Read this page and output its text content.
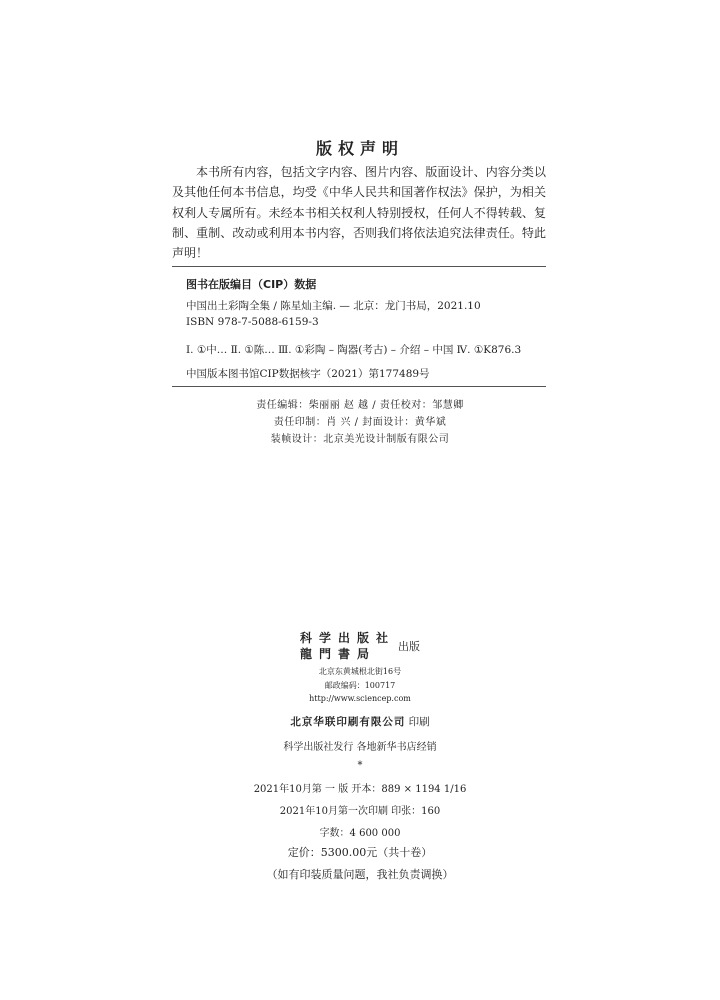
版权声明
本书所有内容，包括文字内容、图片内容、版面设计、内容分类以及其他任何本书信息，均受《中华人民共和国著作权法》保护，为相关权利人专属所有。未经本书相关权利人特别授权，任何人不得转载、复制、重制、改动或利用本书内容，否则我们将依法追究法律责任。特此声明！
图书在版编目（CIP）数据
中国出土彩陶全集 / 陈星灿主编. — 北京：龙门书局，2021.10
ISBN 978-7-5088-6159-3
Ⅰ. ①中… Ⅱ. ①陈… Ⅲ. ①彩陶 – 陶器(考古) – 介绍 – 中国 Ⅳ. ①K876.3
中国版本图书馆CIP数据核字（2021）第177489号
责任编辑：柴丽丽 赵 越 / 责任校对：邹慧卿
责任印制：肖 兴 / 封面设计：黄华斌
装帧设计：北京美光设计制版有限公司
科学出版社
龍門書局
出版
北京东黄城根北街16号
邮政编码：100717
http://www.sciencep.com
北京华联印刷有限公司 印刷
科学出版社发行 各地新华书店经销
*
2021年10月第 一 版 开本：889 × 1194 1/16
2021年10月第一次印刷 印张：160
字数：4 600 000
定价：5300.00元（共十卷）
（如有印装质量问题，我社负责调换）
